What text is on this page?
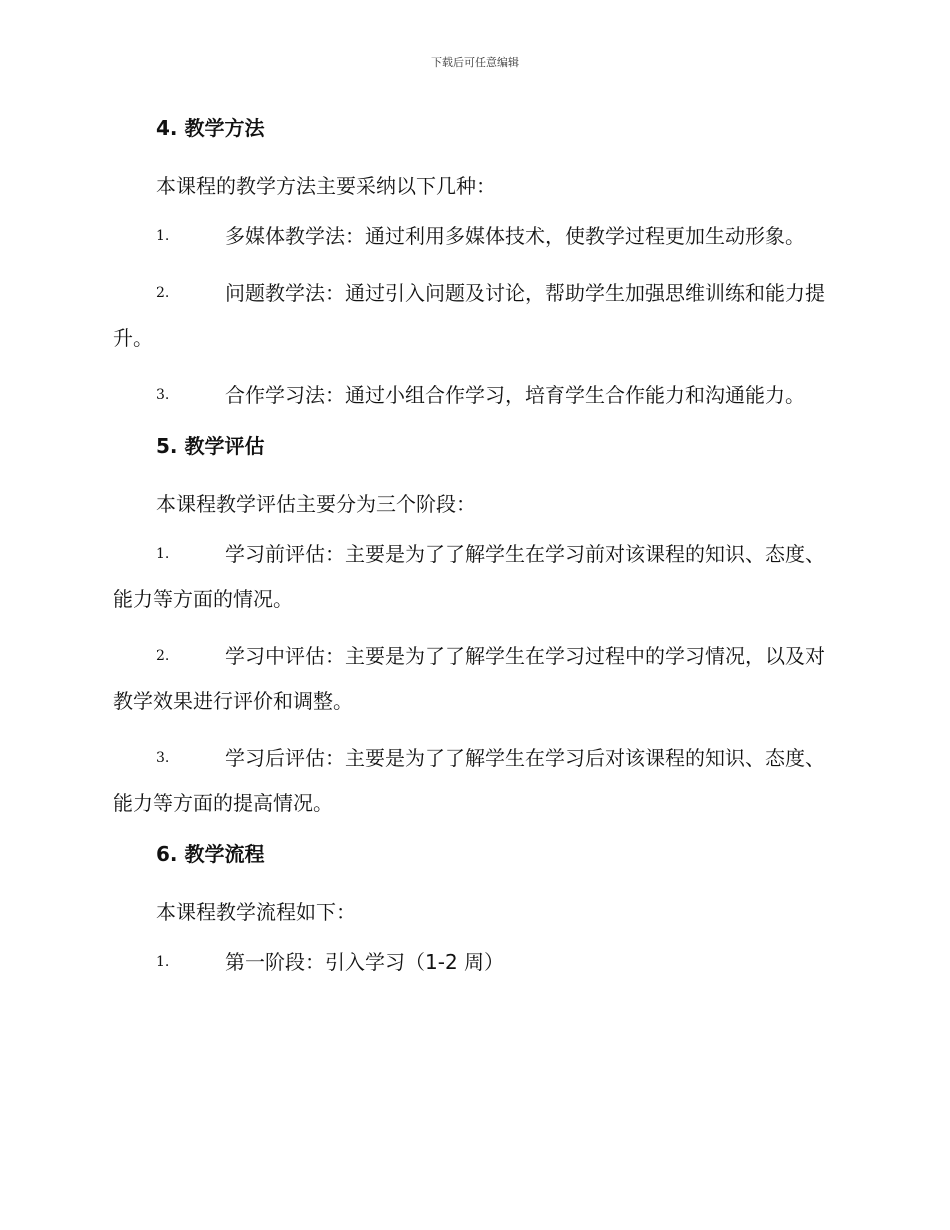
下载后可任意编辑
4. 教学方法

本课程的教学方法主要采纳以下几种：

1.	多媒体教学法：通过利用多媒体技术，使教学过程更加生动形象。
2.	问题教学法：通过引入问题及讨论，帮助学生加强思维训练和能力提升。
3.	合作学习法：通过小组合作学习，培育学生合作能力和沟通能力。
5. 教学评估

本课程教学评估主要分为三个阶段：

1.	学习前评估：主要是为了了解学生在学习前对该课程的知识、态度、能力等方面的情况。
2.	学习中评估：主要是为了了解学生在学习过程中的学习情况，以及对教学效果进行评价和调整。
3.	学习后评估：主要是为了了解学生在学习后对该课程的知识、态度、能力等方面的提高情况。
6. 教学流程

本课程教学流程如下：

1.	第一阶段：引入学习（1-2 周）
